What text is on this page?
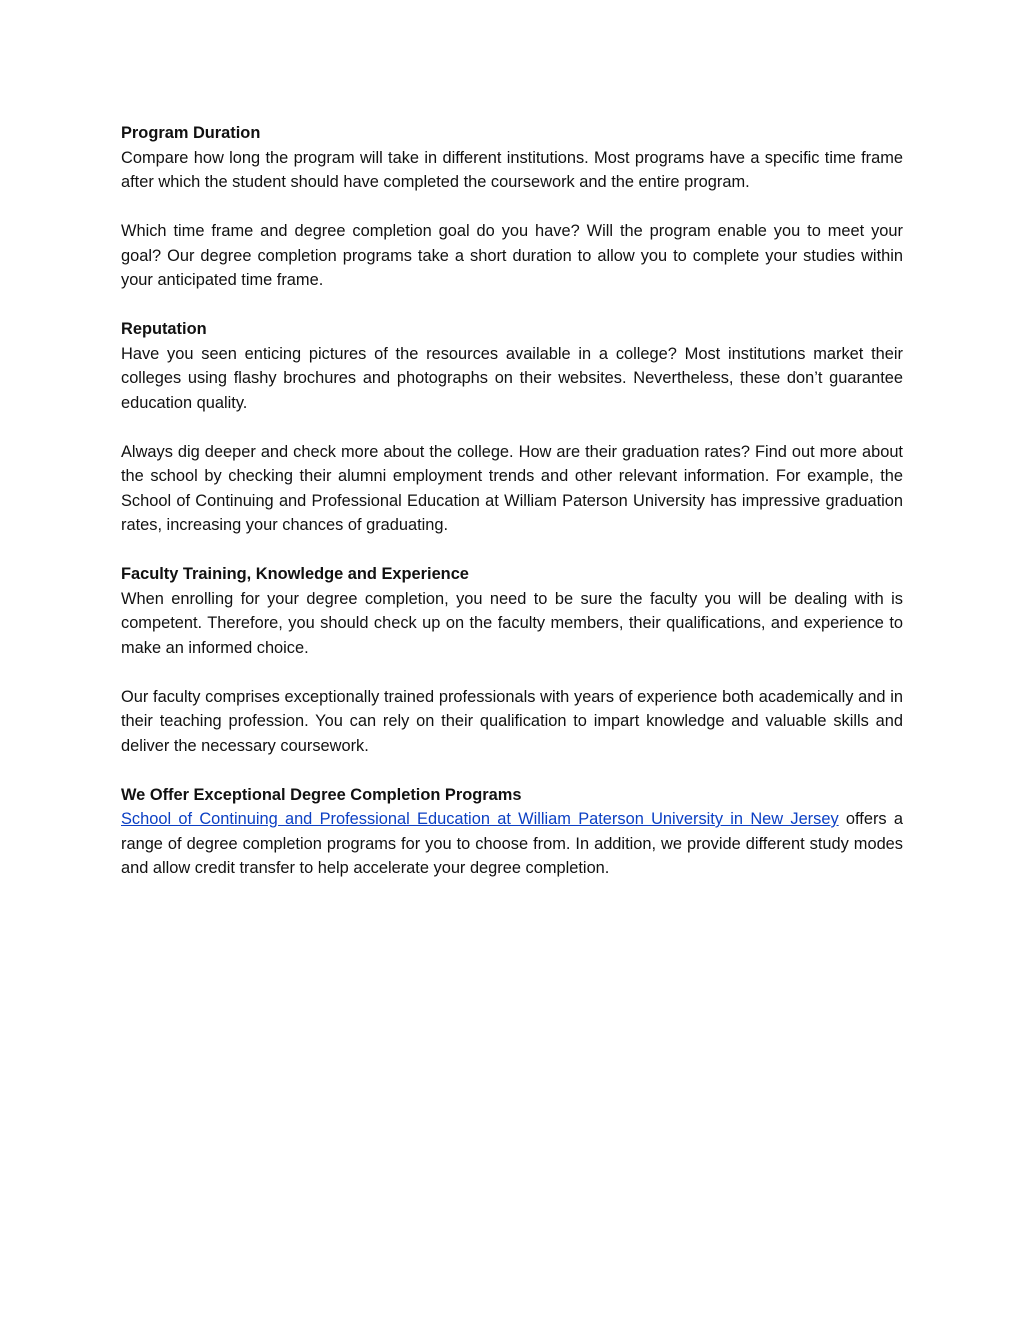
Program Duration

Compare how long the program will take in different institutions. Most programs have a specific time frame after which the student should have completed the coursework and the entire program.

Which time frame and degree completion goal do you have? Will the program enable you to meet your goal? Our degree completion programs take a short duration to allow you to complete your studies within your anticipated time frame.

Reputation

Have you seen enticing pictures of the resources available in a college? Most institutions market their colleges using flashy brochures and photographs on their websites. Nevertheless, these don’t guarantee education quality.

Always dig deeper and check more about the college. How are their graduation rates? Find out more about the school by checking their alumni employment trends and other relevant information. For example, the School of Continuing and Professional Education at William Paterson University has impressive graduation rates, increasing your chances of graduating.

Faculty Training, Knowledge and Experience

When enrolling for your degree completion, you need to be sure the faculty you will be dealing with is competent. Therefore, you should check up on the faculty members, their qualifications, and experience to make an informed choice.

Our faculty comprises exceptionally trained professionals with years of experience both academically and in their teaching profession. You can rely on their qualification to impart knowledge and valuable skills and deliver the necessary coursework.

We Offer Exceptional Degree Completion Programs

School of Continuing and Professional Education at William Paterson University in New Jersey offers a range of degree completion programs for you to choose from. In addition, we provide different study modes and allow credit transfer to help accelerate your degree completion.
